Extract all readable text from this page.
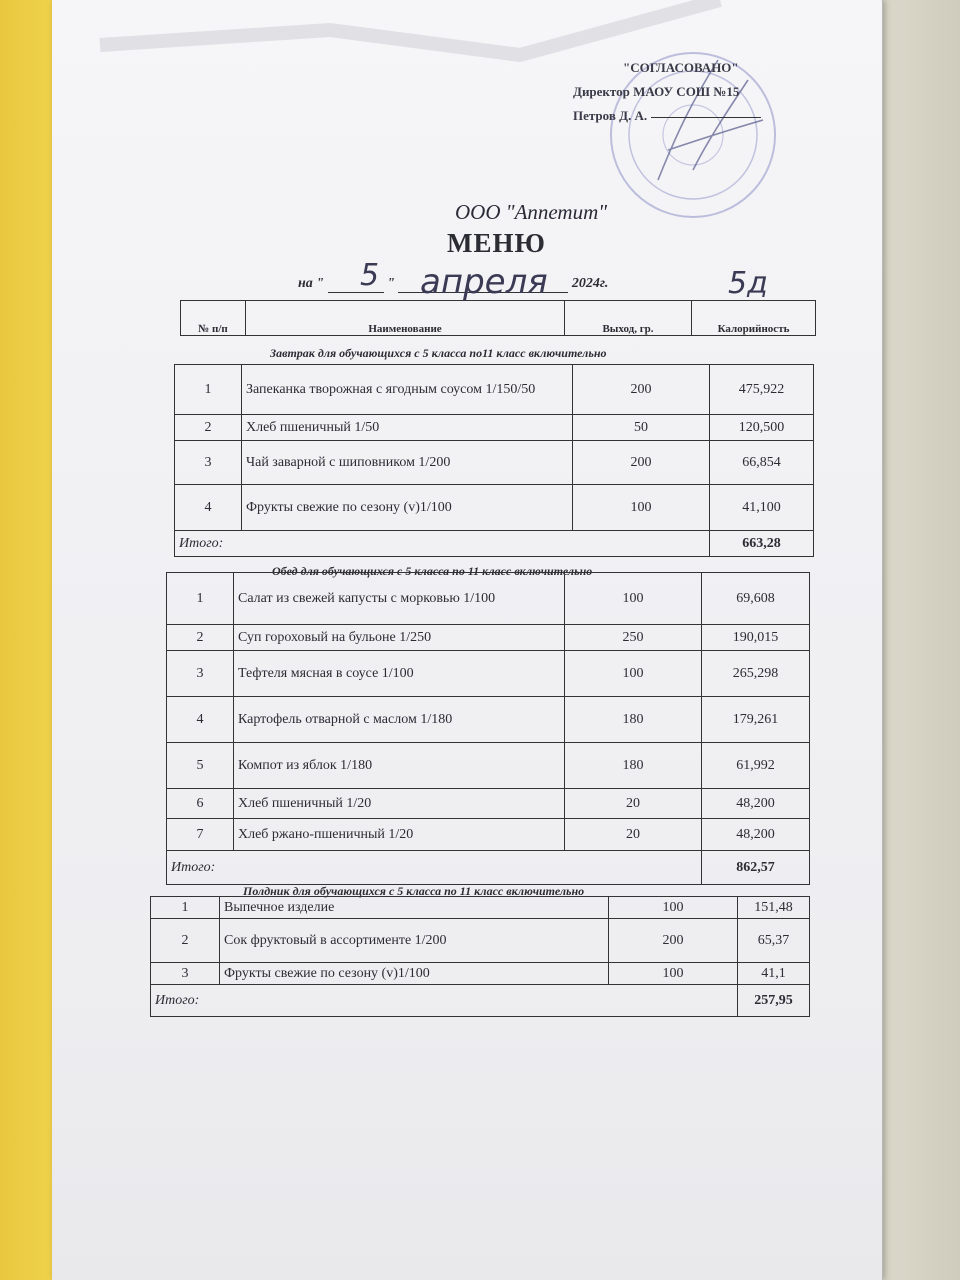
"СОГЛАСОВАНО"
Директор МАОУ СОШ №15
Петров Д. А.
ООО "Аппетит"
МЕНЮ
на "	"	2024г.
5 апреля	5д
№ п/п	Наименование	Выход, гр.	Калорийность
Завтрак для обучающихся с 5 класса по11 класс включительно
1	Запеканка творожная с ягодным соусом 1/150/50	200	475,922
2	Хлеб пшеничный 1/50	50	120,500
3	Чай заварной с шиповником 1/200	200	66,854
4	Фрукты свежие по сезону (v)1/100	100	41,100
Итого:			663,28
Обед для обучающихся с 5 класса по 11 класс включительно
1	Салат из свежей капусты с морковью 1/100	100	69,608
2	Суп гороховый на бульоне 1/250	250	190,015
3	Тефтеля мясная в соусе 1/100	100	265,298
4	Картофель отварной с маслом 1/180	180	179,261
5	Компот из яблок 1/180	180	61,992
6	Хлеб пшеничный 1/20	20	48,200
7	Хлеб ржано-пшеничный 1/20	20	48,200
Итого:			862,57
Полдник для обучающихся с 5 класса по 11 класс включительно
1	Выпечное изделие	100	151,48
2	Сок фруктовый в ассортименте 1/200	200	65,37
3	Фрукты свежие по сезону (v)1/100	100	41,1
Итого:			257,95
